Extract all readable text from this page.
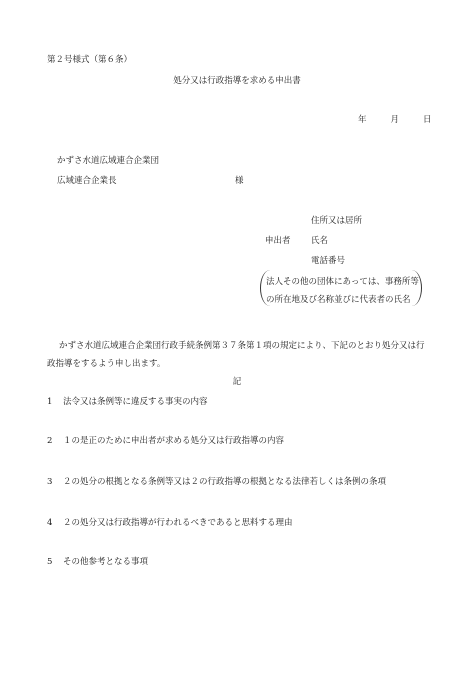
第２号様式（第６条）
処分又は行政指導を求める申出書
年	月	日
かずさ水道広域連合企業団
広域連合企業長	様
住所又は居所
申出者 氏名
電話番号
法人その他の団体にあっては、事務所等
の所在地及び名称並びに代表者の氏名
かずさ水道広域連合企業団行政手続条例第３７条第１項の規定により、下記のとおり処分又は行政指導をするよう申し出ます。
記
1 法令又は条例等に違反する事実の内容
2 １の是正のために申出者が求める処分又は行政指導の内容
3 ２の処分の根拠となる条例等又は２の行政指導の根拠となる法律若しくは条例の条項
4 ２の処分又は行政指導が行われるべきであると思料する理由
5 その他参考となる事項
